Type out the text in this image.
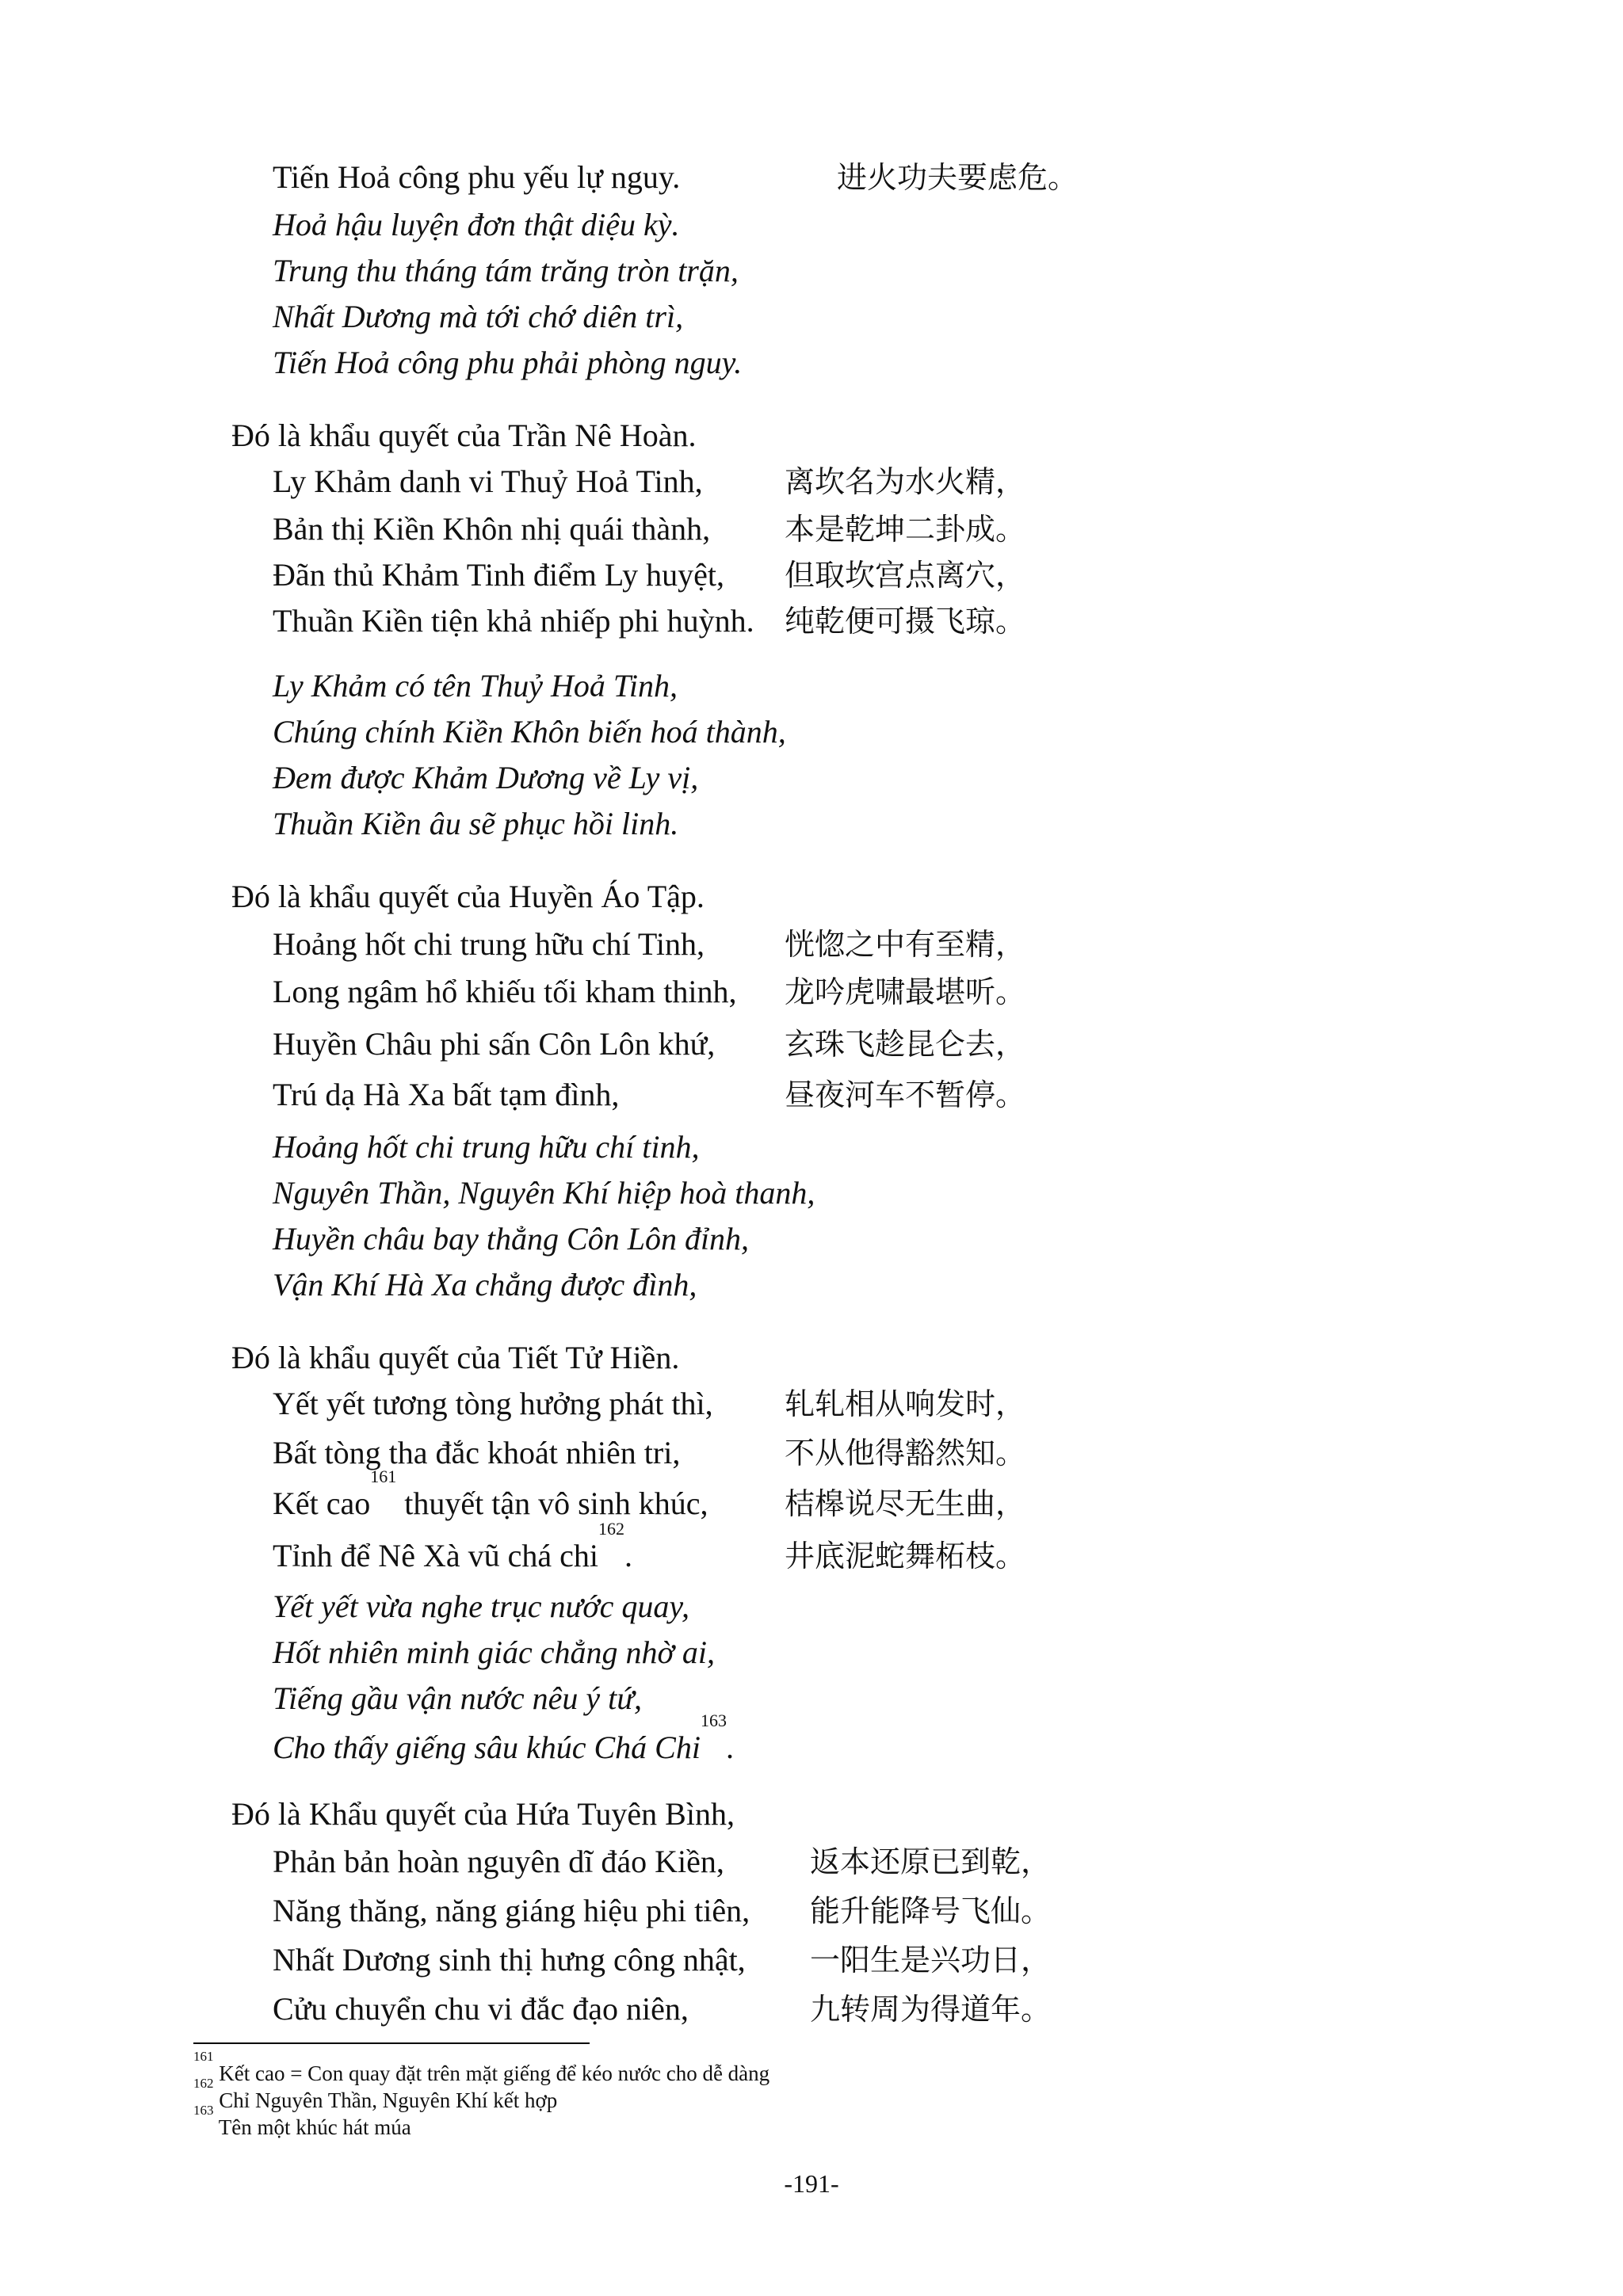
Tiến Hoả công phu yếu lự nguy.	进火功夫要虑危。
Hoả hậu luyện đơn thật diệu kỳ.
Trung thu tháng tám trăng tròn trặn,
Nhất Dương mà tới chớ diên trì,
Tiến Hoả công phu phải phòng nguy.
Đó là khẩu quyết của Trần Nê Hoàn.
Ly Khảm danh vi Thuỷ Hoả Tinh,
Bản thị Kiền Khôn nhị quái thành,
Đãn thủ Khảm Tinh điểm Ly huyệt,
Thuần Kiền tiện khả nhiếp phi huỳnh.
离坎名为水火精，
本是乾坤二卦成。
但取坎宫点离穴，
纯乾便可摄飞琼。
Ly Khảm có tên Thuỷ Hoả Tinh,
Chúng chính Kiền Khôn biến hoá thành,
Đem được Khảm Dương về Ly vị,
Thuần Kiền âu sẽ phục hồi linh.
Đó là khẩu quyết của Huyền Áo Tập.
Hoảng hốt chi trung hữu chí Tinh,
Long ngâm hổ khiếu tối kham thinh,
Huyền Châu phi sấn Côn Lôn khứ,
Trú dạ Hà Xa bất tạm đình,
恍惚之中有至精，
龙吟虎啸最堪听。
玄珠飞趁昆仑去，
昼夜河车不暂停。
Hoảng hốt chi trung hữu chí tinh,
Nguyên Thần, Nguyên Khí hiệp hoà thanh,
Huyền châu bay thẳng Côn Lôn đỉnh,
Vận Khí Hà Xa chẳng được đình,
Đó là khẩu quyết của Tiết Tử Hiền.
Yết yết tương tòng hưởng phát thì,
Bất tòng tha đắc khoát nhiên tri,
Kết cao$^{161}$ thuyết tận vô sinh khúc,
Tỉnh để Nê Xà vũ chá chi$^{162}$.
轧轧相从响发时，
不从他得豁然知。
桔槔说尽无生曲，
井底泥蛇舞柘枝。
Yết yết vừa nghe trục nước quay,
Hốt nhiên minh giác chẳng nhờ ai,
Tiếng gầu vận nước nêu ý tứ,
Cho thấy giếng sâu khúc Chá Chi$^{163}$.
Đó là Khẩu quyết của Hứa Tuyên Bình,
Phản bản hoàn nguyên dĩ đáo Kiền,
Năng thăng, năng giáng hiệu phi tiên,
Nhất Dương sinh thị hưng công nhật,
Cửu chuyển chu vi đắc đạo niên,
返本还原已到乾，
能升能降号飞仙。
一阳生是兴功日，
九转周为得道年。
$^{161}$ Kết cao = Con quay đặt trên mặt giếng để kéo nước cho dễ dàng
$^{162}$ Chỉ Nguyên Thần, Nguyên Khí kết hợp
$^{163}$ Tên một khúc hát múa
-191-
